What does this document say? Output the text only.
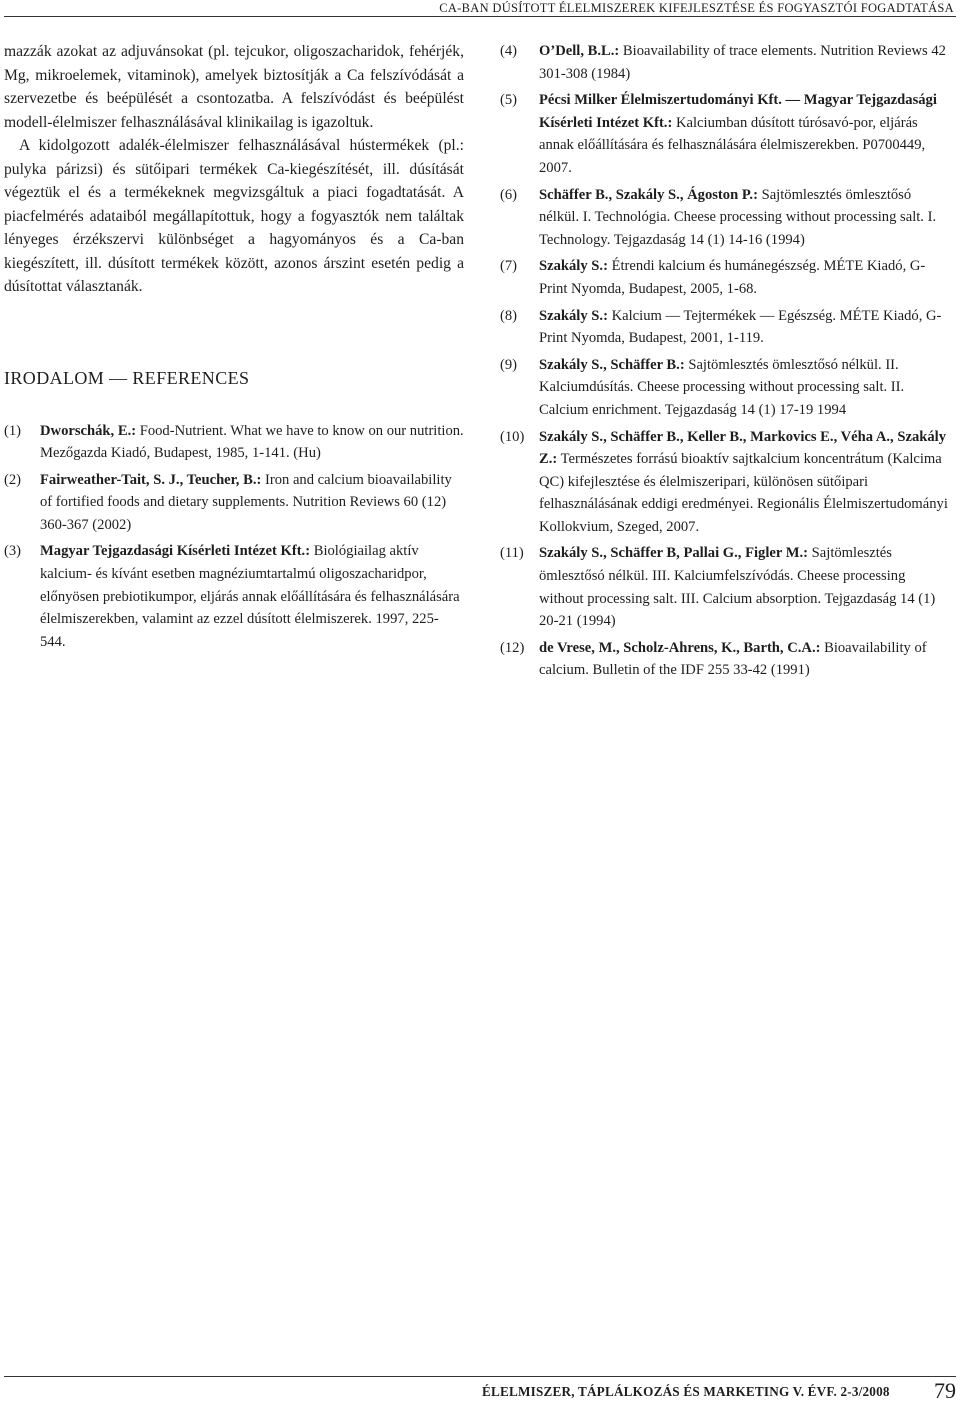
CA-BAN DÚSÍTOTT ÉLELMISZEREK KIFEJLESZTÉSE ÉS FOGYASZTÓI FOGADTATÁSA

mazzák azokat az adjuvánsokat (pl. tejcukor, oligoszacharidok, fehérjék, Mg, mikroelemek, vitaminok), amelyek biztosítják a Ca felszívódását a szervezetbe és beépülését a csontozatba. A felszívódást és beépülést modell-élelmiszer felhasználásával klinikailag is igazoltuk.

A kidolgozott adalék-élelmiszer felhasználásával hústermékek (pl.: pulyka párizsi) és sütőipari termékek Ca-kiegészítését, ill. dúsítását végeztük el és a termékeknek megvizsgáltuk a piaci fogadtatását. A piacfelmérés adataiból megállapítottuk, hogy a fogyasztók nem találtak lényeges érzékszervi különbséget a hagyományos és a Ca-ban kiegészített, ill. dúsított termékek között, azonos árszint esetén pedig a dúsítottat választanák.

IRODALOM — REFERENCES
(1)	Dworschák, E.: Food-Nutrient. What we have to know on our nutrition. Mezőgazda Kiadó, Budapest, 1985, 1-141. (Hu)
(2)	Fairweather-Tait, S. J., Teucher, B.: Iron and calcium bioavailability of fortified foods and dietary supplements. Nutrition Reviews 60 (12) 360-367 (2002)
(3)	Magyar Tejgazdasági Kísérleti Intézet Kft.: Biológiailag aktív kalcium- és kívánt esetben magnéziumtartalmú oligoszacharidpor, előnyösen prebiotikumpor, eljárás annak előállítására és felhasználására élelmiszerekben, valamint az ezzel dúsított élelmiszerek. 1997, 225-544.
(4)	O’Dell, B.L.: Bioavailability of trace elements. Nutrition Reviews 42 301-308 (1984)
(5)	Pécsi Milker Élelmiszertudományi Kft. — Magyar Tejgazdasági Kísérleti Intézet Kft.: Kalciumban dúsított túrósavó-por, eljárás annak előállítására és felhasználására élelmiszerekben. P0700449, 2007.
(6)	Schäffer B., Szakály S., Ágoston P.: Sajtömlesztés ömlesztősó nélkül. I. Technológia. Cheese processing without processing salt. I. Technology. Tejgazdaság 14 (1) 14-16 (1994)
(7)	Szakály S.: Étrendi kalcium és humánegészség. MÉTE Kiadó, G-Print Nyomda, Budapest, 2005, 1-68.
(8)	Szakály S.: Kalcium — Tejtermékek — Egészség. MÉTE Kiadó, G-Print Nyomda, Budapest, 2001, 1-119.
(9)	Szakály S., Schäffer B.: Sajtömlesztés ömlesztősó nélkül. II. Kalciumdúsítás. Cheese processing without processing salt. II. Calcium enrichment. Tejgazdaság 14 (1) 17-19 1994
(10)	Szakály S., Schäffer B., Keller B., Markovics E., Véha A., Szakály Z.: Természetes forrású bioaktív sajtkalcium koncentrátum (Kalcima QC) kifejlesztése és élelmiszeripari, különösen sütőipari felhasználásának eddigi eredményei. Regionális Élelmiszertudományi Kollokvium, Szeged, 2007.
(11)	Szakály S., Schäffer B, Pallai G., Figler M.: Sajtömlesztés ömlesztősó nélkül. III. Kalciumfelszívódás. Cheese processing without processing salt. III. Calcium absorption. Tejgazdaság 14 (1) 20-21 (1994)
(12)	de Vrese, M., Scholz-Ahrens, K., Barth, C.A.: Bioavailability of calcium. Bulletin of the IDF 255 33-42 (1991)
ÉLELMISZER, TÁPLÁLKOZÁS ÉS MARKETING V. ÉVF. 2-3/2008 79
